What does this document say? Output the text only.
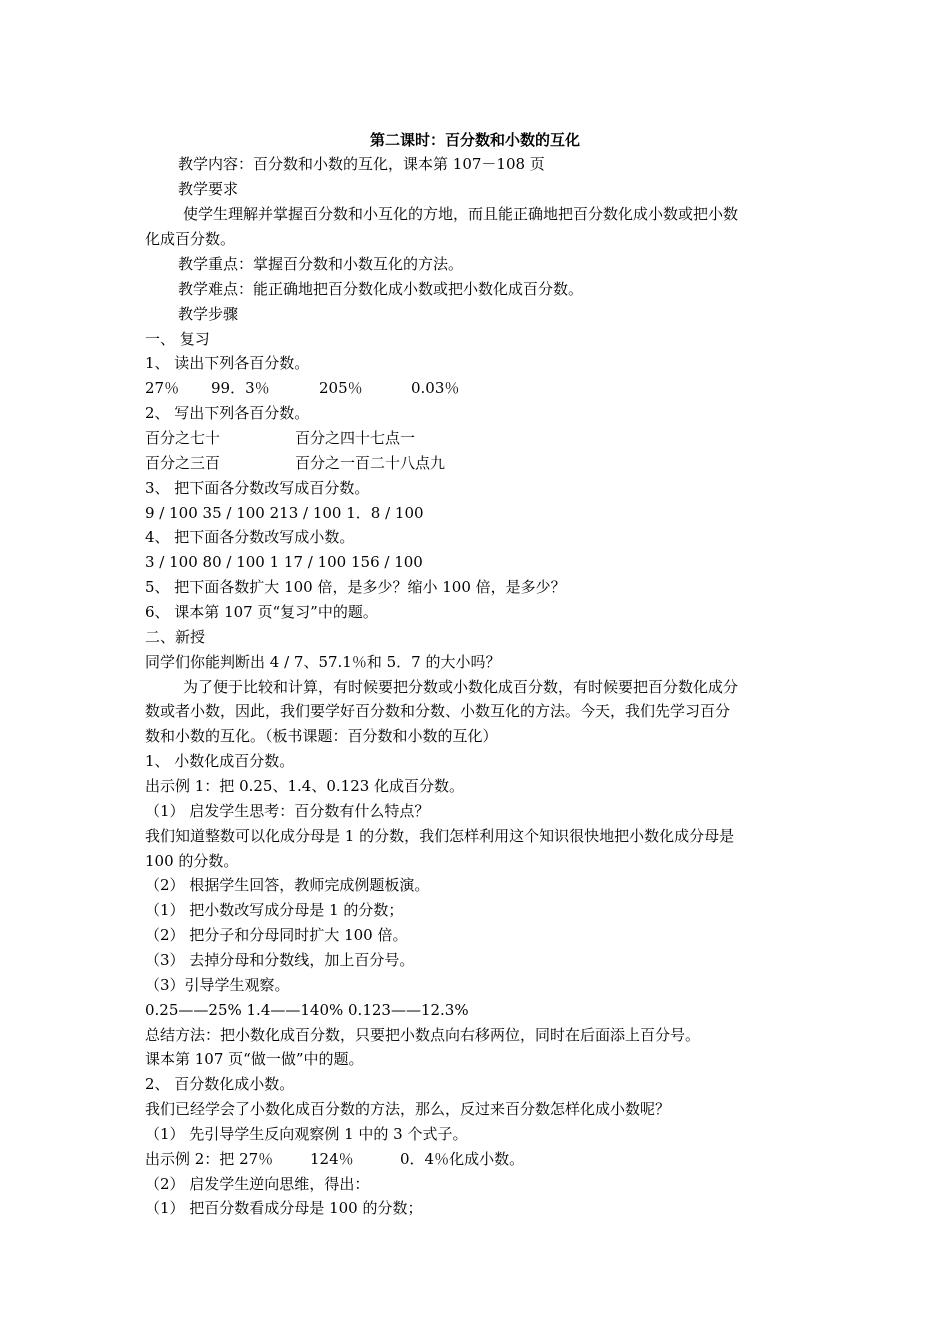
第二课时：百分数和小数的互化
教学内容：百分数和小数的互化，课本第 107－108 页
教学要求
使学生理解并掌握百分数和小互化的方地，而且能正确地把百分数化成小数或把小数
化成百分数。
教学重点：掌握百分数和小数互化的方法。
教学难点：能正确地把百分数化成小数或把小数化成百分数。
教学步骤
一、 复习
1、 读出下列各百分数。
27％ 99．3％	205％	0.03％
2、 写出下列各百分数。
百分之七十	百分之四十七点一
百分之三百	百分之一百二十八点九
3、 把下面各分数改写成百分数。
9 / 100 35 / 100 213 / 100 1．8 / 100
4、 把下面各分数改写成小数。
3 / 100 80 / 100 1 17 / 100 156 / 100
5、 把下面各数扩大 100 倍，是多少？缩小 100 倍，是多少？
6、 课本第 107 页“复习”中的题。
二、新授
同学们你能判断出 4 / 7、57.1％和 5．7 的大小吗？
为了便于比较和计算，有时候要把分数或小数化成百分数，有时候要把百分数化成分
数或者小数，因此，我们要学好百分数和分数、小数互化的方法。今天，我们先学习百分
数和小数的互化。（板书课题：百分数和小数的互化）
1、 小数化成百分数。
出示例 1：把 0.25、1.4、0.123 化成百分数。
（1） 启发学生思考：百分数有什么特点？
我们知道整数可以化成分母是 1 的分数，我们怎样利用这个知识很快地把小数化成分母是
100 的分数。
（2） 根据学生回答，教师完成例题板演。
（1） 把小数改写成分母是 1 的分数；
（2） 把分子和分母同时扩大 100 倍。
（3） 去掉分母和分数线，加上百分号。
（3）引导学生观察。
0.25——25% 1.4——140% 0.123——12.3%
总结方法：把小数化成百分数，只要把小数点向右移两位，同时在后面添上百分号。
课本第 107 页“做一做”中的题。
2、 百分数化成小数。
我们已经学会了小数化成百分数的方法，那么，反过来百分数怎样化成小数呢？
（1） 先引导学生反向观察例 1 中的 3 个式子。
出示例 2：把 27％ 124％	0．4％化成小数。
（2） 启发学生逆向思维，得出：
（1） 把百分数看成分母是 100 的分数；
